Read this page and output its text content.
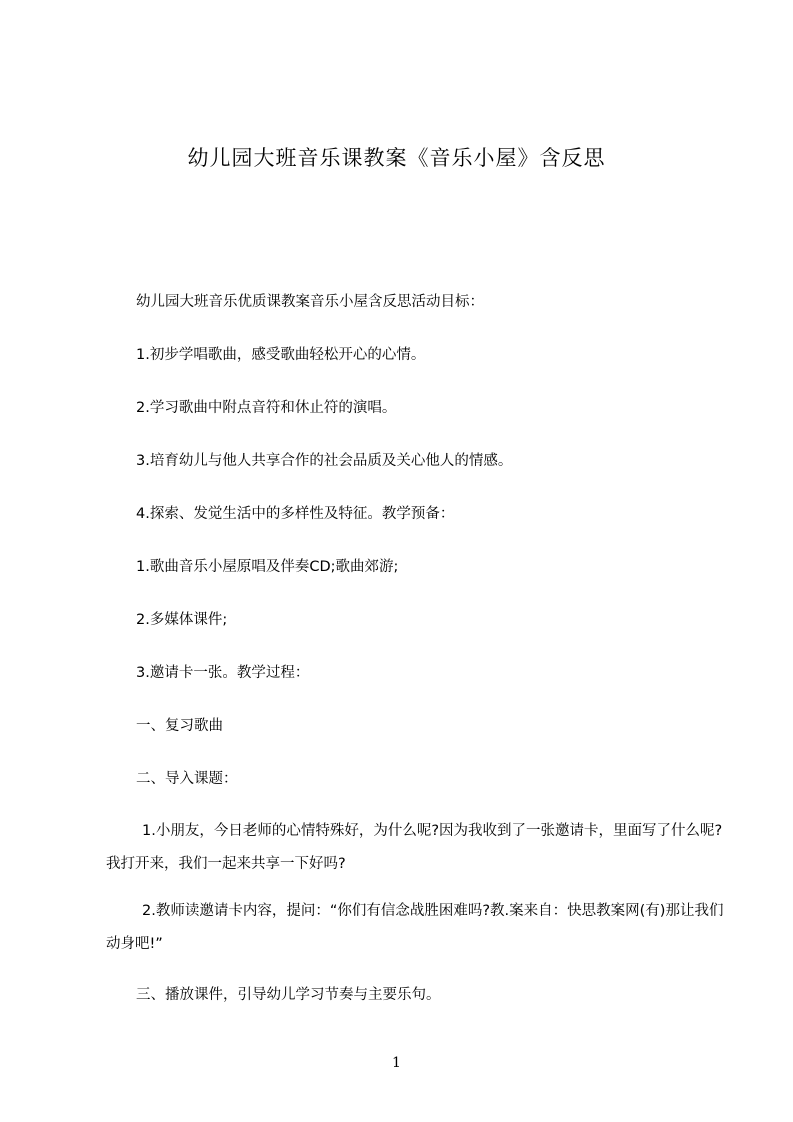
幼儿园大班音乐课教案《音乐小屋》含反思
幼儿园大班音乐优质课教案音乐小屋含反思活动目标：
1.初步学唱歌曲，感受歌曲轻松开心的心情。
2.学习歌曲中附点音符和休止符的演唱。
3.培育幼儿与他人共享合作的社会品质及关心他人的情感。
4.探索、发觉生活中的多样性及特征。教学预备：
1.歌曲音乐小屋原唱及伴奏CD;歌曲郊游;
2.多媒体课件;
3.邀请卡一张。教学过程：
一、复习歌曲
二、导入课题：
1.小朋友，今日老师的心情特殊好，为什么呢?因为我收到了一张邀请卡，里面写了什么呢?我打开来，我们一起来共享一下好吗?
2.教师读邀请卡内容，提问：“你们有信念战胜困难吗?教.案来自：快思教案网(有)那让我们动身吧!”
三、播放课件，引导幼儿学习节奏与主要乐句。
1
